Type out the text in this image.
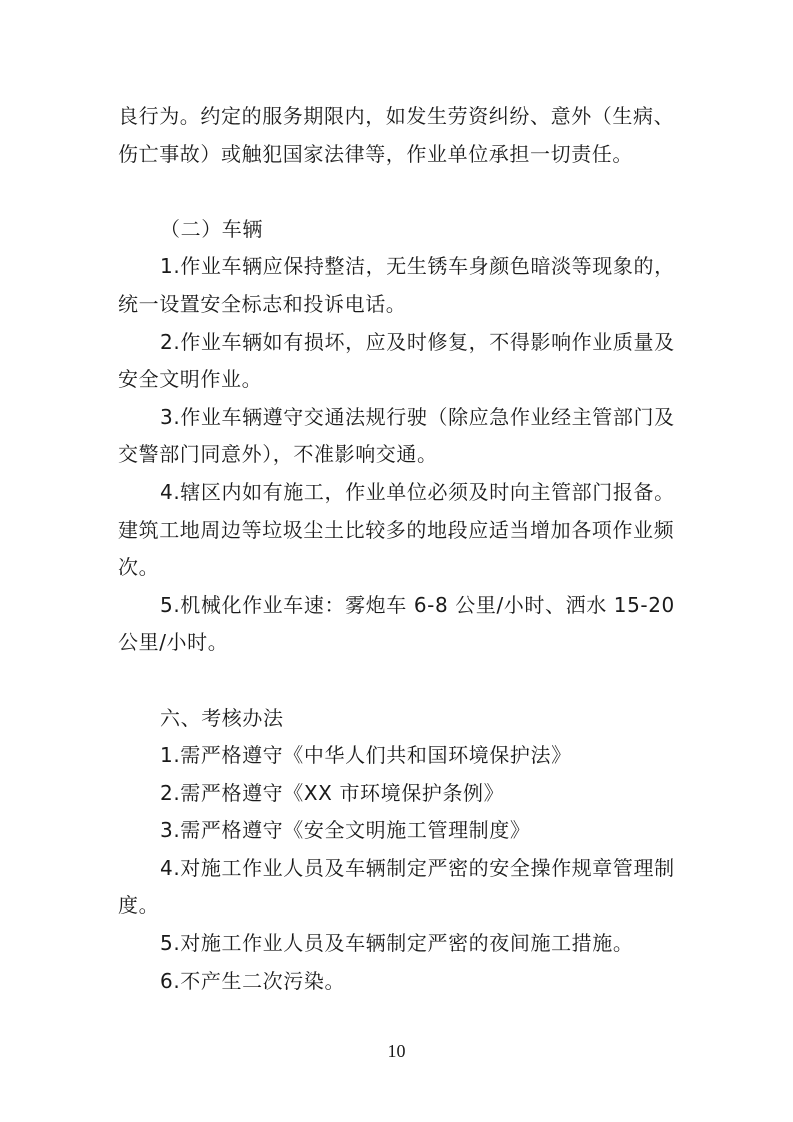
良行为。约定的服务期限内，如发生劳资纠纷、意外（生病、伤亡事故）或触犯国家法律等，作业单位承担一切责任。

（二）车辆

1.作业车辆应保持整洁，无生锈车身颜色暗淡等现象的，统一设置安全标志和投诉电话。

2.作业车辆如有损坏，应及时修复，不得影响作业质量及安全文明作业。

3.作业车辆遵守交通法规行驶（除应急作业经主管部门及交警部门同意外），不准影响交通。

4.辖区内如有施工，作业单位必须及时向主管部门报备。建筑工地周边等垃圾尘土比较多的地段应适当增加各项作业频次。

5.机械化作业车速：雾炮车 6-8 公里/小时、洒水 15-20 公里/小时。

六、考核办法

1.需严格遵守《中华人们共和国环境保护法》

2.需严格遵守《XX 市环境保护条例》

3.需严格遵守《安全文明施工管理制度》

4.对施工作业人员及车辆制定严密的安全操作规章管理制度。

5.对施工作业人员及车辆制定严密的夜间施工措施。

6.不产生二次污染。

10
